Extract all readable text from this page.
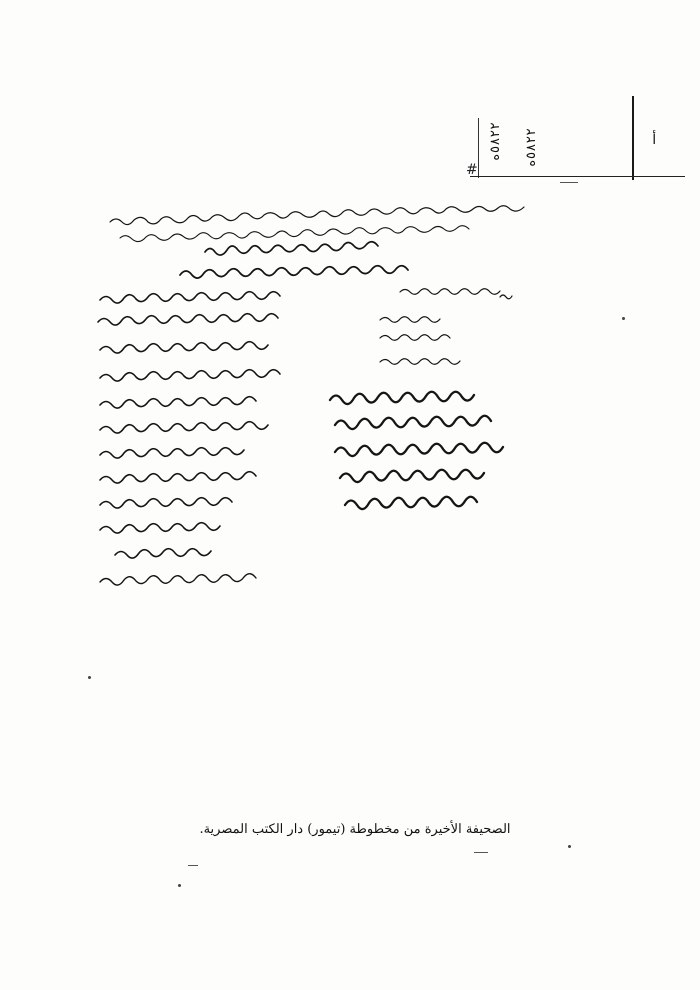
٥٨٢٢ه
٥٨٢٢ه	أ
#
الصحيفة الأخيرة من مخطوطة (تيمور) دار الكتب المصرية.
